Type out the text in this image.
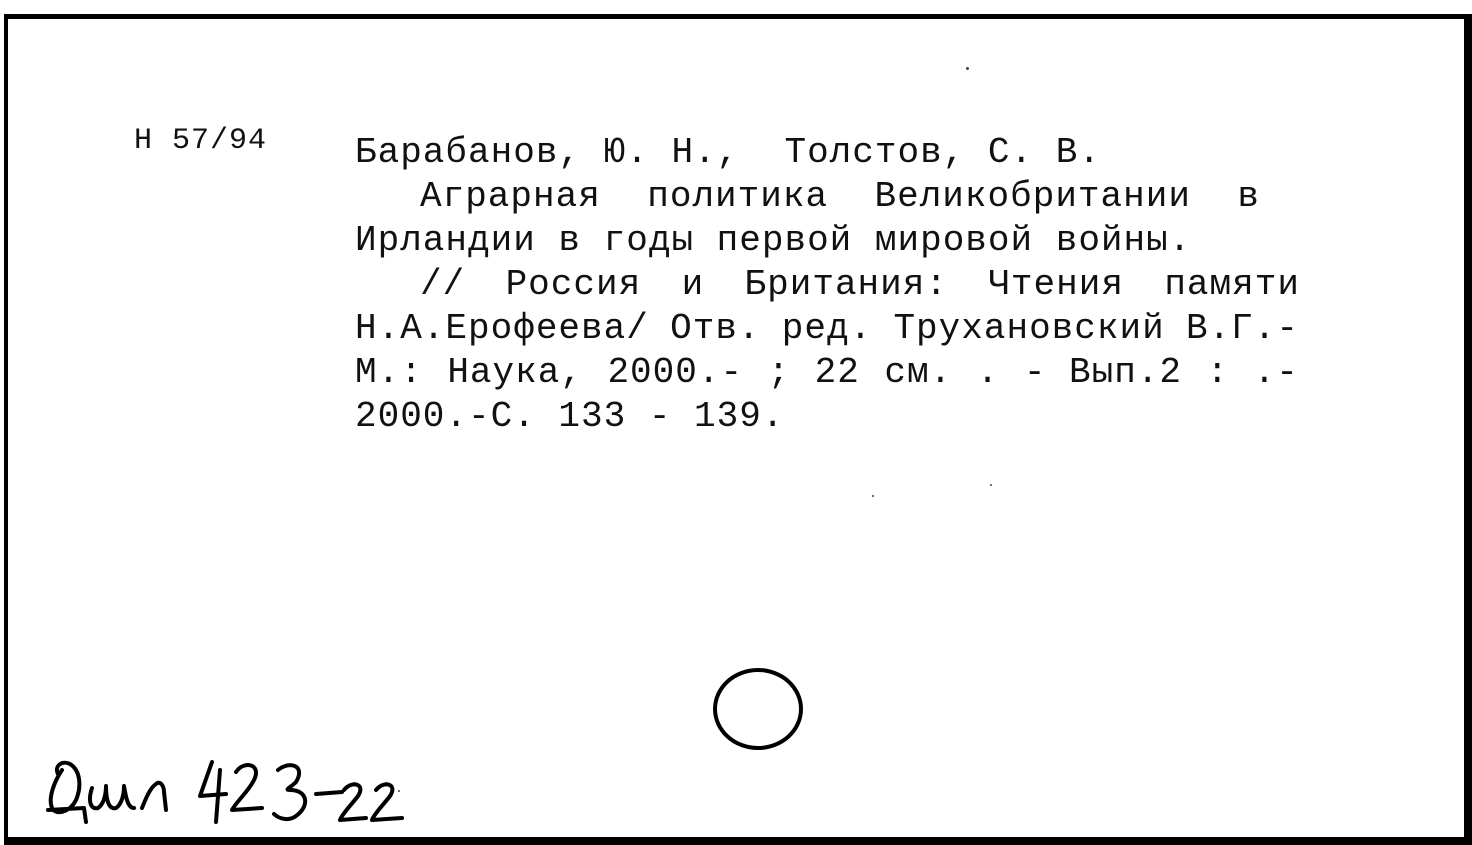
Н 57/94 Барабанов, Ю. Н.,  Толстов, С. В.
Аграрная политика Великобритании в
Ирландии в годы первой мировой войны.
// Россия и Британия: Чтения памяти
Н.А.Ерофеева/ Отв. ред. Трухановский В.Г.-
М.: Наука, 2000.- ; 22 см. . - Вып.2 : .-
2000.-С. 133 - 139.
